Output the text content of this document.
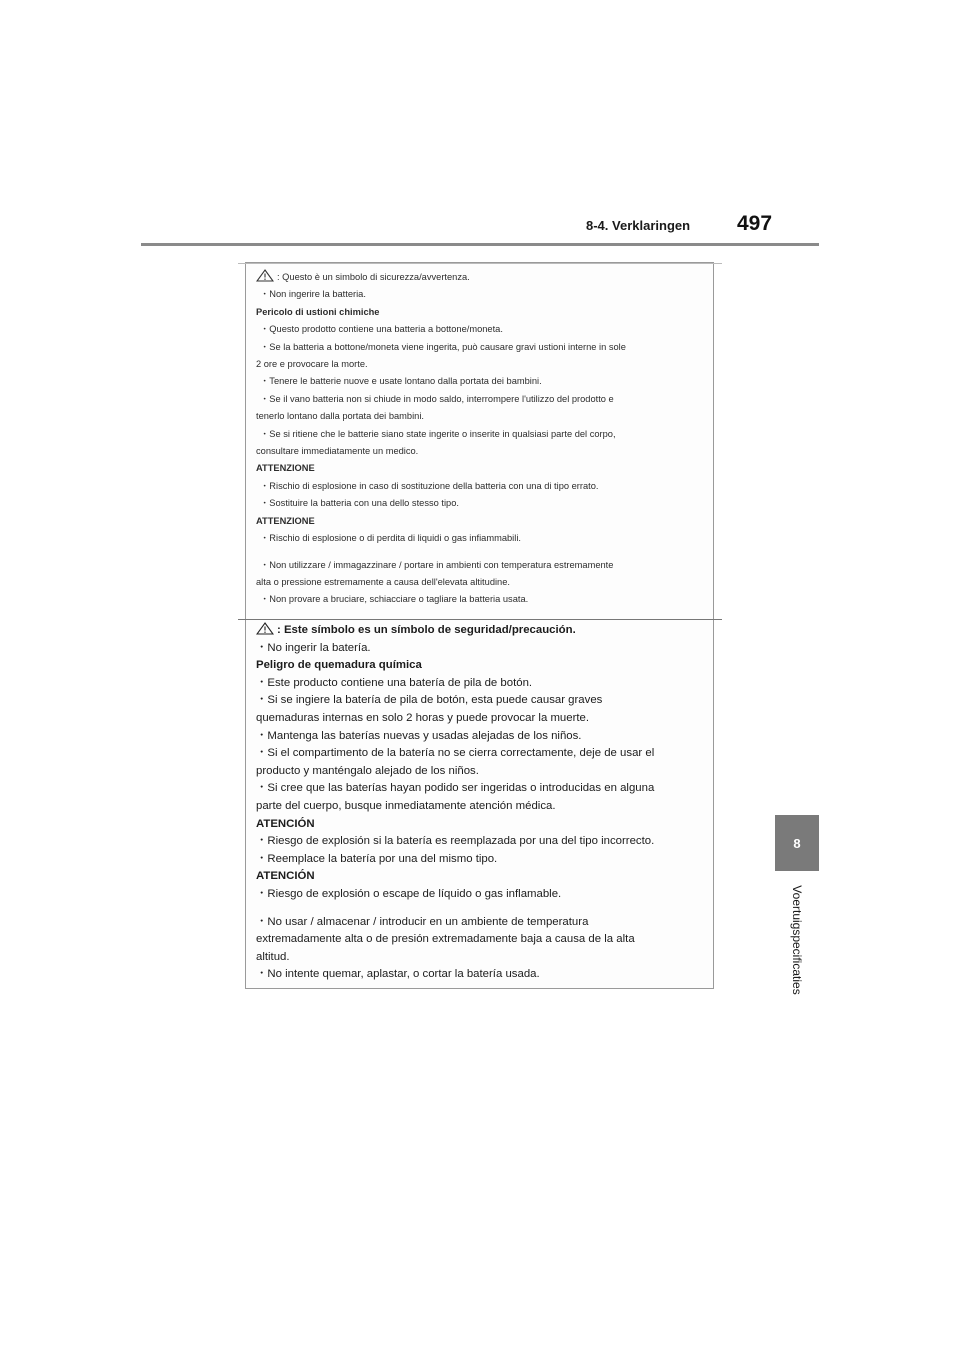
8-4. Verklaringen 497
8
Voertuigspecificaties
: Questo è un simbolo di sicurezza/avvertenza.
・Non ingerire la batteria.
Pericolo di ustioni chimiche
・Questo prodotto contiene una batteria a bottone/moneta.
・Se la batteria a bottone/moneta viene ingerita, può causare gravi ustioni interne in sole
2 ore e provocare la morte.
・Tenere le batterie nuove e usate lontano dalla portata dei bambini.
・Se il vano batteria non si chiude in modo saldo, interrompere l'utilizzo del prodotto e
tenerlo lontano dalla portata dei bambini.
・Se si ritiene che le batterie siano state ingerite o inserite in qualsiasi parte del corpo,
consultare immediatamente un medico.
ATTENZIONE
・Rischio di esplosione in caso di sostituzione della batteria con una di tipo errato.
・Sostituire la batteria con una dello stesso tipo.
ATTENZIONE
・Rischio di esplosione o di perdita di liquidi o gas infiammabili.
・Non utilizzare / immagazzinare / portare in ambienti con temperatura estremamente
alta o pressione estremamente a causa dell'elevata altitudine.
・Non provare a bruciare, schiacciare o tagliare la batteria usata.
: Este símbolo es un símbolo de seguridad/precaución.
・No ingerir la batería.
Peligro de quemadura química
・Este producto contiene una batería de pila de botón.
・Si se ingiere la batería de pila de botón, esta puede causar graves
quemaduras internas en solo 2 horas y puede provocar la muerte.
・Mantenga las baterías nuevas y usadas alejadas de los niños.
・Si el compartimento de la batería no se cierra correctamente, deje de usar el
producto y manténgalo alejado de los niños.
・Si cree que las baterías hayan podido ser ingeridas o introducidas en alguna
parte del cuerpo, busque inmediatamente atención médica.
ATENCIÓN
・Riesgo de explosión si la batería es reemplazada por una del tipo incorrecto.
・Reemplace la batería por una del mismo tipo.
ATENCIÓN
・Riesgo de explosión o escape de líquido o gas inflamable.
・No usar / almacenar / introducir en un ambiente de temperatura
extremadamente alta o de presión extremadamente baja a causa de la alta
altitud.
・No intente quemar, aplastar, o cortar la batería usada.
